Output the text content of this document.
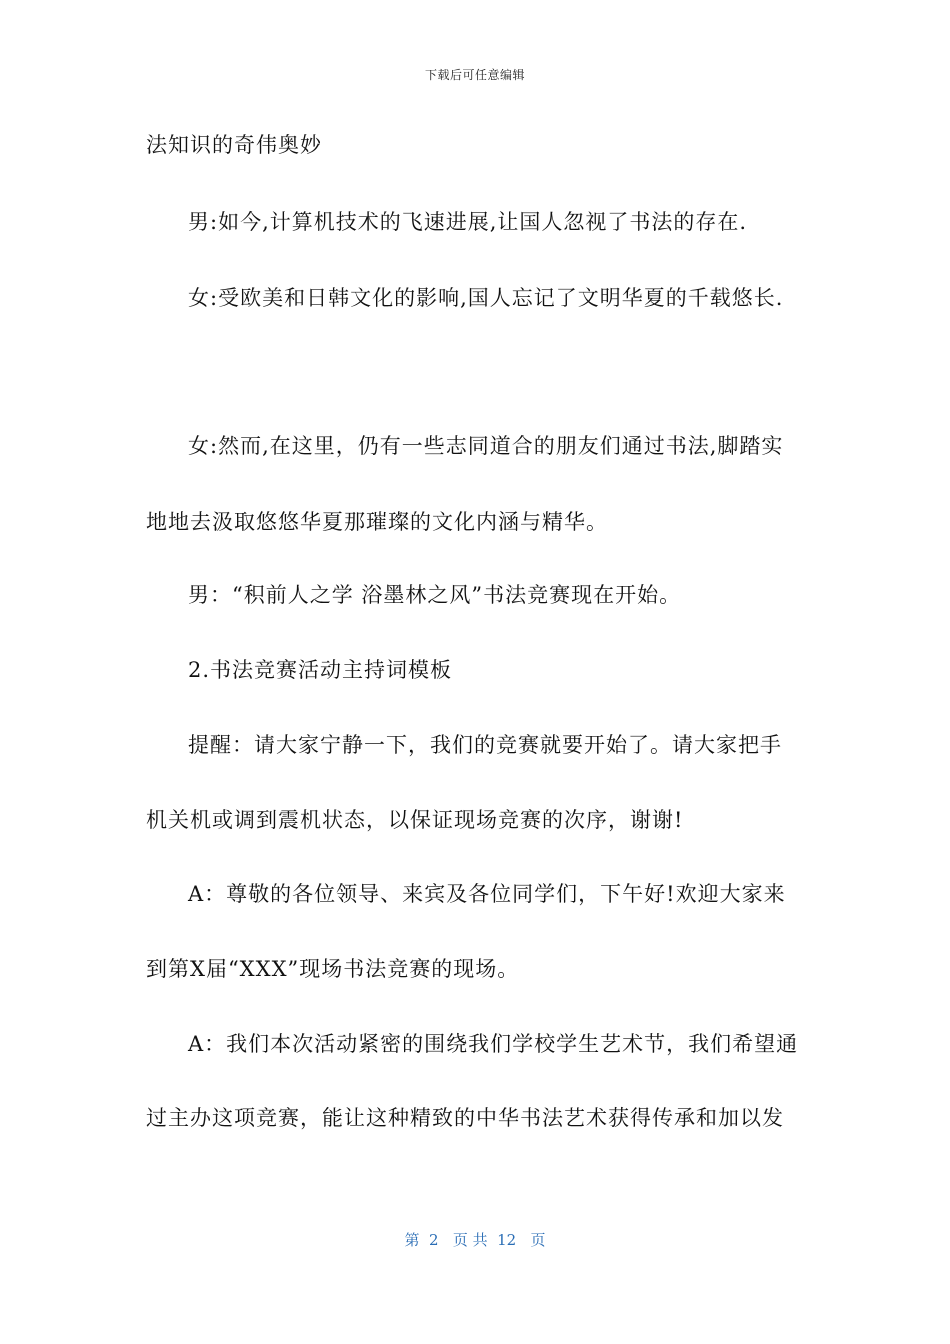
下载后可任意编辑
法知识的奇伟奥妙
男:如今,计算机技术的飞速进展,让国人忽视了书法的存在.
女:受欧美和日韩文化的影响,国人忘记了文明华夏的千载悠长.
女:然而,在这里，仍有一些志同道合的朋友们通过书法,脚踏实
地地去汲取悠悠华夏那璀璨的文化内涵与精华。
男：“积前人之学 浴墨林之风”书法竞赛现在开始。
2.书法竞赛活动主持词模板
提醒：请大家宁静一下，我们的竞赛就要开始了。请大家把手
机关机或调到震机状态，以保证现场竞赛的次序，谢谢!
A：尊敬的各位领导、来宾及各位同学们，下午好!欢迎大家来
到第X届“XXX”现场书法竞赛的现场。
A：我们本次活动紧密的围绕我们学校学生艺术节，我们希望通
过主办这项竞赛，能让这种精致的中华书法艺术获得传承和加以发
第  2   页 共  12   页
